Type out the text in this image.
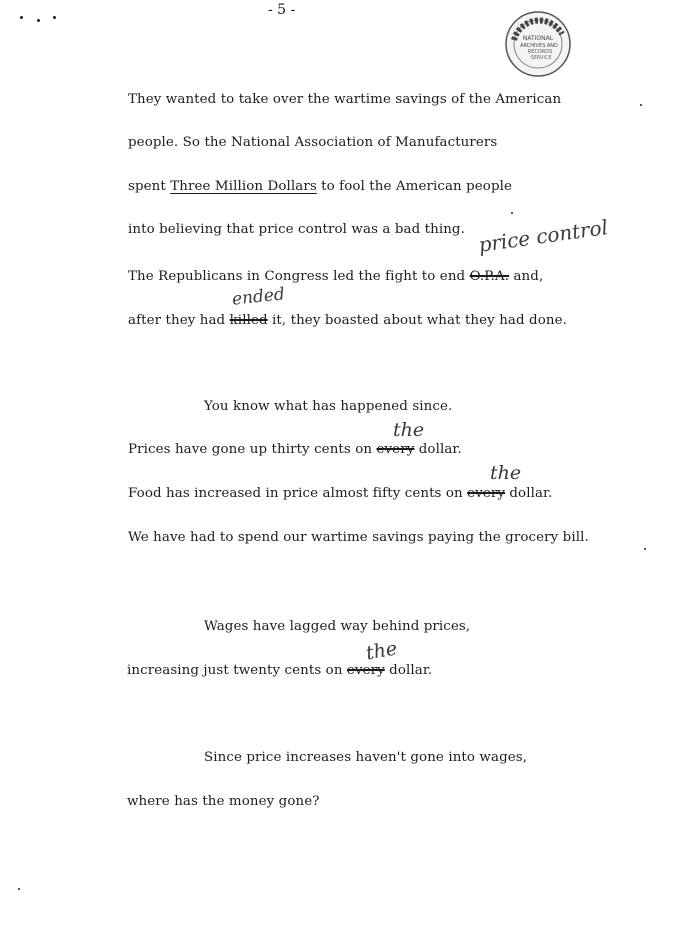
- 5 -
NATIONAL
ARCHIVES AND
RECORDS
SERVICE
They wanted to take over the wartime savings of the American
people. So the National Association of Manufacturers
spent Three Million Dollars to fool the American people
into believing that price control was a bad thing. price control
The Republicans in Congress led the fight to end O.P.A. and,
ended
after they had killed it, they boasted about what they had done.
You know what has happened since.
the
Prices have gone up thirty cents on every dollar.
the
Food has increased in price almost fifty cents on every dollar.
We have had to spend our wartime savings paying the grocery bill.
Wages have lagged way behind prices,
the
increasing just twenty cents on every dollar.
Since price increases haven't gone into wages,
where has the money gone?
